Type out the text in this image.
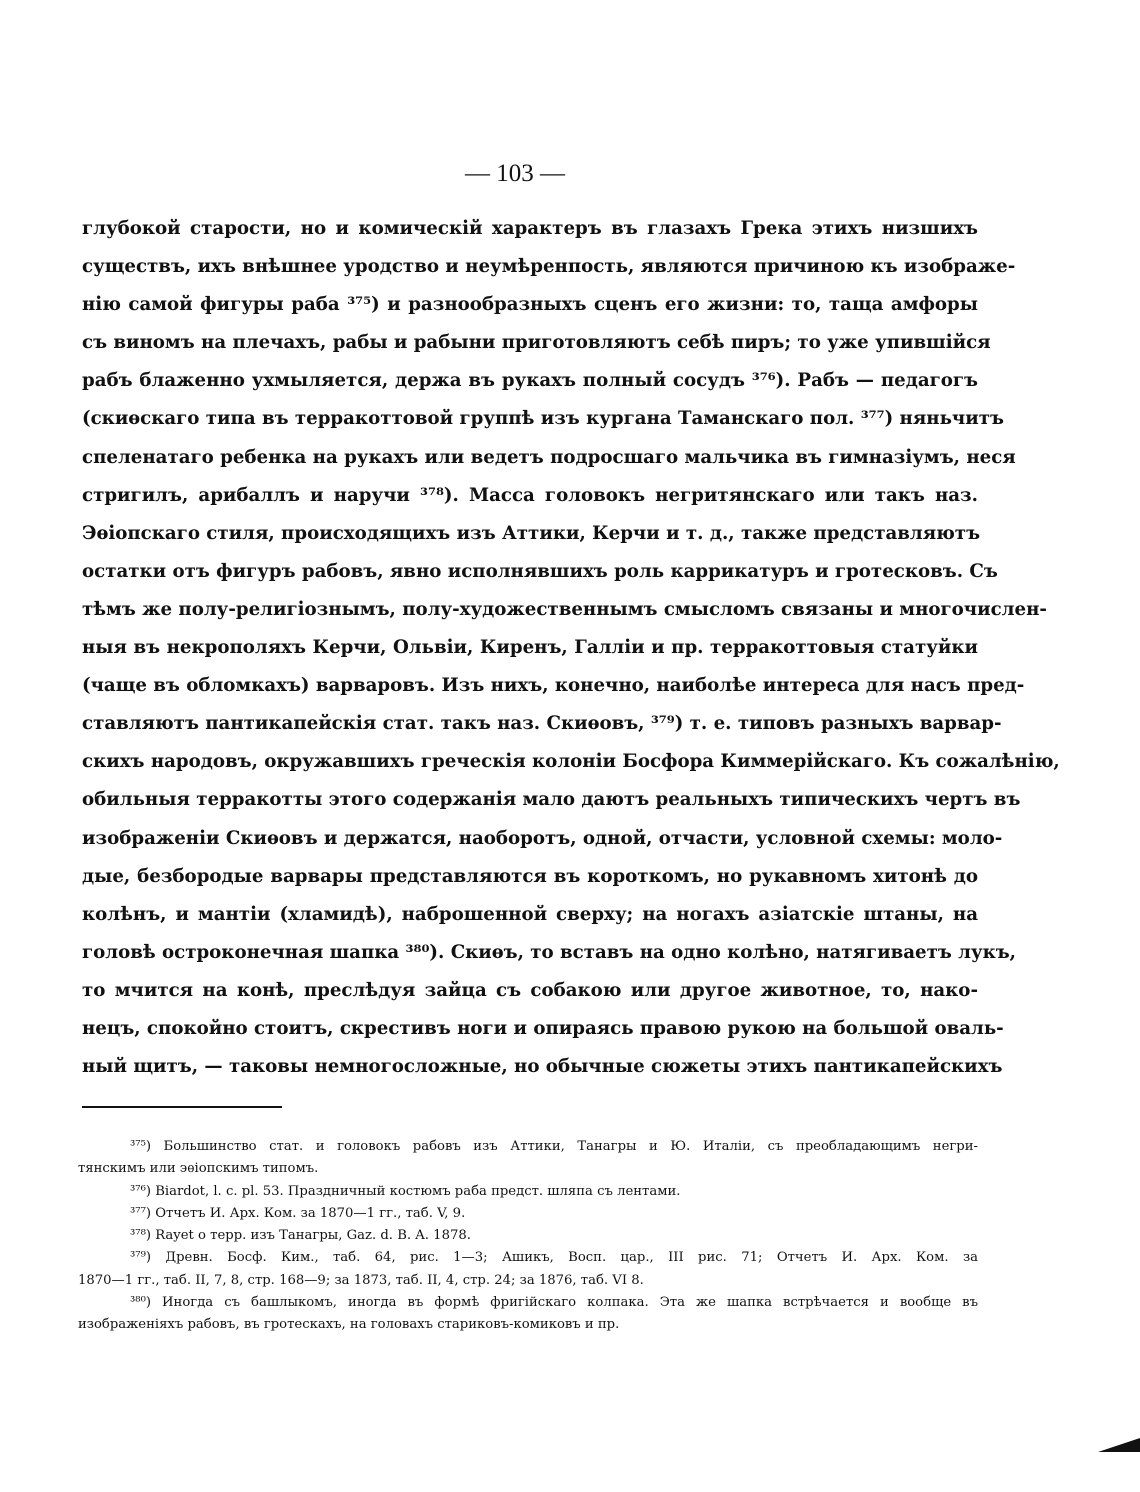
— 103 —
глубокой старости, но и комическій характеръ въ глазахъ Грека этихъ низшихъ
существъ, ихъ внѣшнее уродство и неумѣренпость, являются причиною къ изображе-
нію самой фигуры раба ³⁷⁵) и разнообразныхъ сценъ его жизни: то, таща амфоры
съ виномъ на плечахъ, рабы и рабыни приготовляютъ себѣ пиръ; то уже упившійся
рабъ блаженно ухмыляется, держа въ рукахъ полный сосудъ ³⁷⁶). Рабъ — педагогъ
(скиѳскаго типа въ терракоттовой группѣ изъ кургана Таманскаго пол. ³⁷⁷) няньчитъ
спеленатаго ребенка на рукахъ или ведетъ подросшаго мальчика въ гимназіумъ, неся
стригилъ, арибаллъ и наручи ³⁷⁸). Масса головокъ негритянскаго или такъ наз.
Эѳіопскаго стиля, происходящихъ изъ Аттики, Керчи и т. д., также представляютъ
остатки отъ фигуръ рабовъ, явно исполнявшихъ роль каррикатуръ и гротесковъ. Съ
тѣмъ же полу-религіознымъ, полу-художественнымъ смысломъ связаны и многочислен-
ныя въ некрополяхъ Керчи, Ольвіи, Киренъ, Галліи и пр. терракоттовыя статуйки
(чаще въ обломкахъ) варваровъ. Изъ нихъ, конечно, наиболѣе интереса для насъ пред-
ставляютъ пантикапейскія стат. такъ наз. Скиѳовъ, ³⁷⁹) т. е. типовъ разныхъ варвар-
скихъ народовъ, окружавшихъ греческія колоніи Босфора Киммерійскаго. Къ сожалѣнію,
обильныя терракотты этого содержанія мало даютъ реальныхъ типическихъ чертъ въ
изображеніи Скиѳовъ и держатся, наоборотъ, одной, отчасти, условной схемы: моло-
дые, безбородые варвары представляются въ короткомъ, но рукавномъ хитонѣ до
колѣнъ, и мантіи (хламидѣ), наброшенной сверху; на ногахъ азіатскіе штаны, на
головѣ остроконечная шапка ³⁸⁰). Скиѳъ, то вставъ на одно колѣно, натягиваетъ лукъ,
то мчится на конѣ, преслѣдуя зайца съ собакою или другое животное, то, нако-
нецъ, спокойно стоитъ, скрестивъ ноги и опираясь правою рукою на большой оваль-
ный щитъ, — таковы немногосложные, но обычные сюжеты этихъ пантикапейскихъ
³⁷⁵) Большинство стат. и головокъ рабовъ изъ Аттики, Танагры и Ю. Италіи, съ преобладающимъ негри-
тянскимъ или эѳіопскимъ типомъ.
³⁷⁶) Biardot, l. c. pl. 53. Праздничный костюмъ раба предст. шляпа съ лентами.
³⁷⁷) Отчетъ И. Арх. Ком. за 1870—1 гг., таб. V, 9.
³⁷⁸) Rayet о терр. изъ Танагры, Gaz. d. B. A. 1878.
³⁷⁹) Древн. Босф. Ким., таб. 64, рис. 1—3; Ашикъ, Восп. цар., III рис. 71; Отчетъ И. Арх. Ком. за
1870—1 гг., таб. II, 7, 8, стр. 168—9; за 1873, таб. II, 4, стр. 24; за 1876, таб. VI 8.
³⁸⁰) Иногда съ башлыкомъ, иногда въ формѣ фригійскаго колпака. Эта же шапка встрѣчается и вообще въ
изображеніяхъ рабовъ, въ гротескахъ, на головахъ стариковъ-комиковъ и пр.
